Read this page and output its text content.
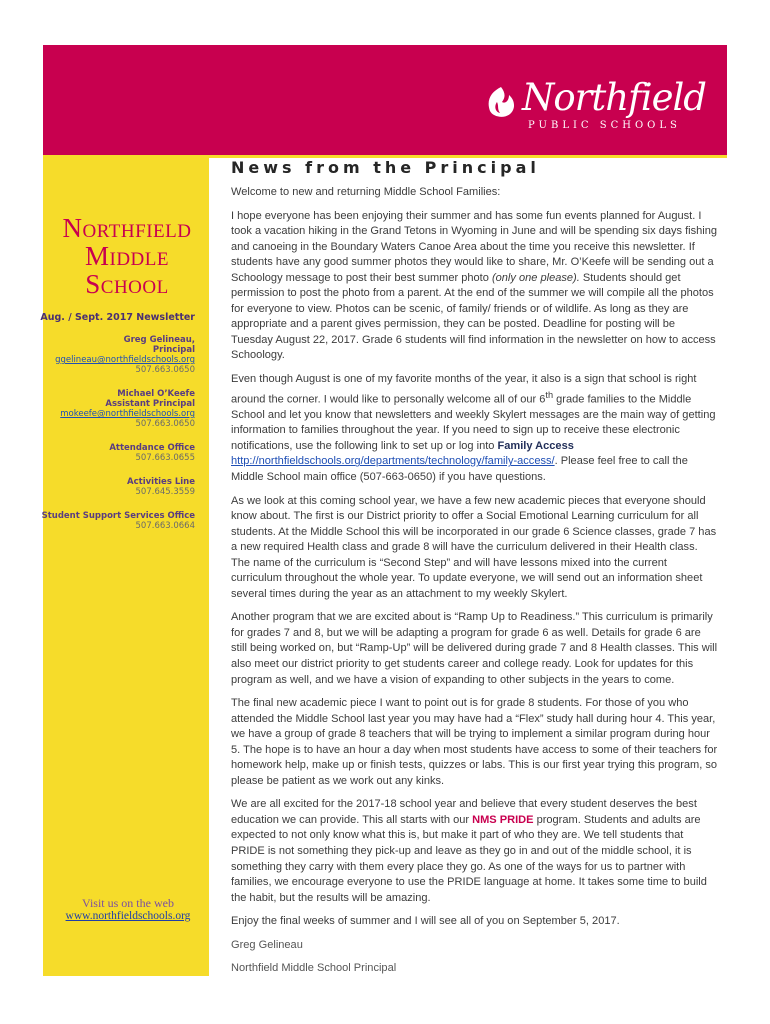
Northfield
PUBLIC SCHOOLS
Northfield
Middle
School
Aug. / Sept. 2017 Newsletter
Greg Gelineau,
Principal
ggelineau@northfieldschools.org
507.663.0650
Michael O’Keefe
Assistant Principal
mokeefe@northfieldschools.org
507.663.0650
Attendance Office
507.663.0655
Activities Line
507.645.3559
Student Support Services Office
507.663.0664
Visit us on the web
www.northfieldschools.org
News from the Principal

Welcome to new and returning Middle School Families:

I hope everyone has been enjoying their summer and has some fun events planned for August. I took a vacation hiking in the Grand Tetons in Wyoming in June and will be spending six days fishing and canoeing in the Boundary Waters Canoe Area about the time you receive this newsletter. If students have any good summer photos they would like to share, Mr. O’Keefe will be sending out a Schoology message to post their best summer photo (only one please). Students should get permission to post the photo from a parent. At the end of the summer we will compile all the photos for everyone to view. Photos can be scenic, of family/ friends or of wildlife. As long as they are appropriate and a parent gives permission, they can be posted. Deadline for posting will be Tuesday August 22, 2017. Grade 6 students will find information in the newsletter on how to access Schoology.

Even though August is one of my favorite months of the year, it also is a sign that school is right around the corner. I would like to personally welcome all of our 6th grade families to the Middle School and let you know that newsletters and weekly Skylert messages are the main way of getting information to families throughout the year. If you need to sign up to receive these electronic notifications, use the following link to set up or log into Family Access http://northfieldschools.org/departments/technology/family-access/. Please feel free to call the Middle School main office (507-663-0650) if you have questions.

As we look at this coming school year, we have a few new academic pieces that everyone should know about. The first is our District priority to offer a Social Emotional Learning curriculum for all students. At the Middle School this will be incorporated in our grade 6 Science classes, grade 7 has a new required Health class and grade 8 will have the curriculum delivered in their Health class. The name of the curriculum is “Second Step” and will have lessons mixed into the current curriculum throughout the whole year. To update everyone, we will send out an information sheet several times during the year as an attachment to my weekly Skylert.

Another program that we are excited about is “Ramp Up to Readiness.” This curriculum is primarily for grades 7 and 8, but we will be adapting a program for grade 6 as well. Details for grade 6 are still being worked on, but “Ramp-Up” will be delivered during grade 7 and 8 Health classes. This will also meet our district priority to get students career and college ready. Look for updates for this program as well, and we have a vision of expanding to other subjects in the years to come.

The final new academic piece I want to point out is for grade 8 students. For those of you who attended the Middle School last year you may have had a “Flex” study hall during hour 4. This year, we have a group of grade 8 teachers that will be trying to implement a similar program during hour 5. The hope is to have an hour a day when most students have access to some of their teachers for homework help, make up or finish tests, quizzes or labs. This is our first year trying this program, so please be patient as we work out any kinks.

We are all excited for the 2017-18 school year and believe that every student deserves the best education we can provide. This all starts with our NMS PRIDE program. Students and adults are expected to not only know what this is, but make it part of who they are. We tell students that PRIDE is not something they pick-up and leave as they go in and out of the middle school, it is something they carry with them every place they go. As one of the ways for us to partner with families, we encourage everyone to use the PRIDE language at home. It takes some time to build the habit, but the results will be amazing.

Enjoy the final weeks of summer and I will see all of you on September 5, 2017.

Greg Gelineau

Northfield Middle School Principal
